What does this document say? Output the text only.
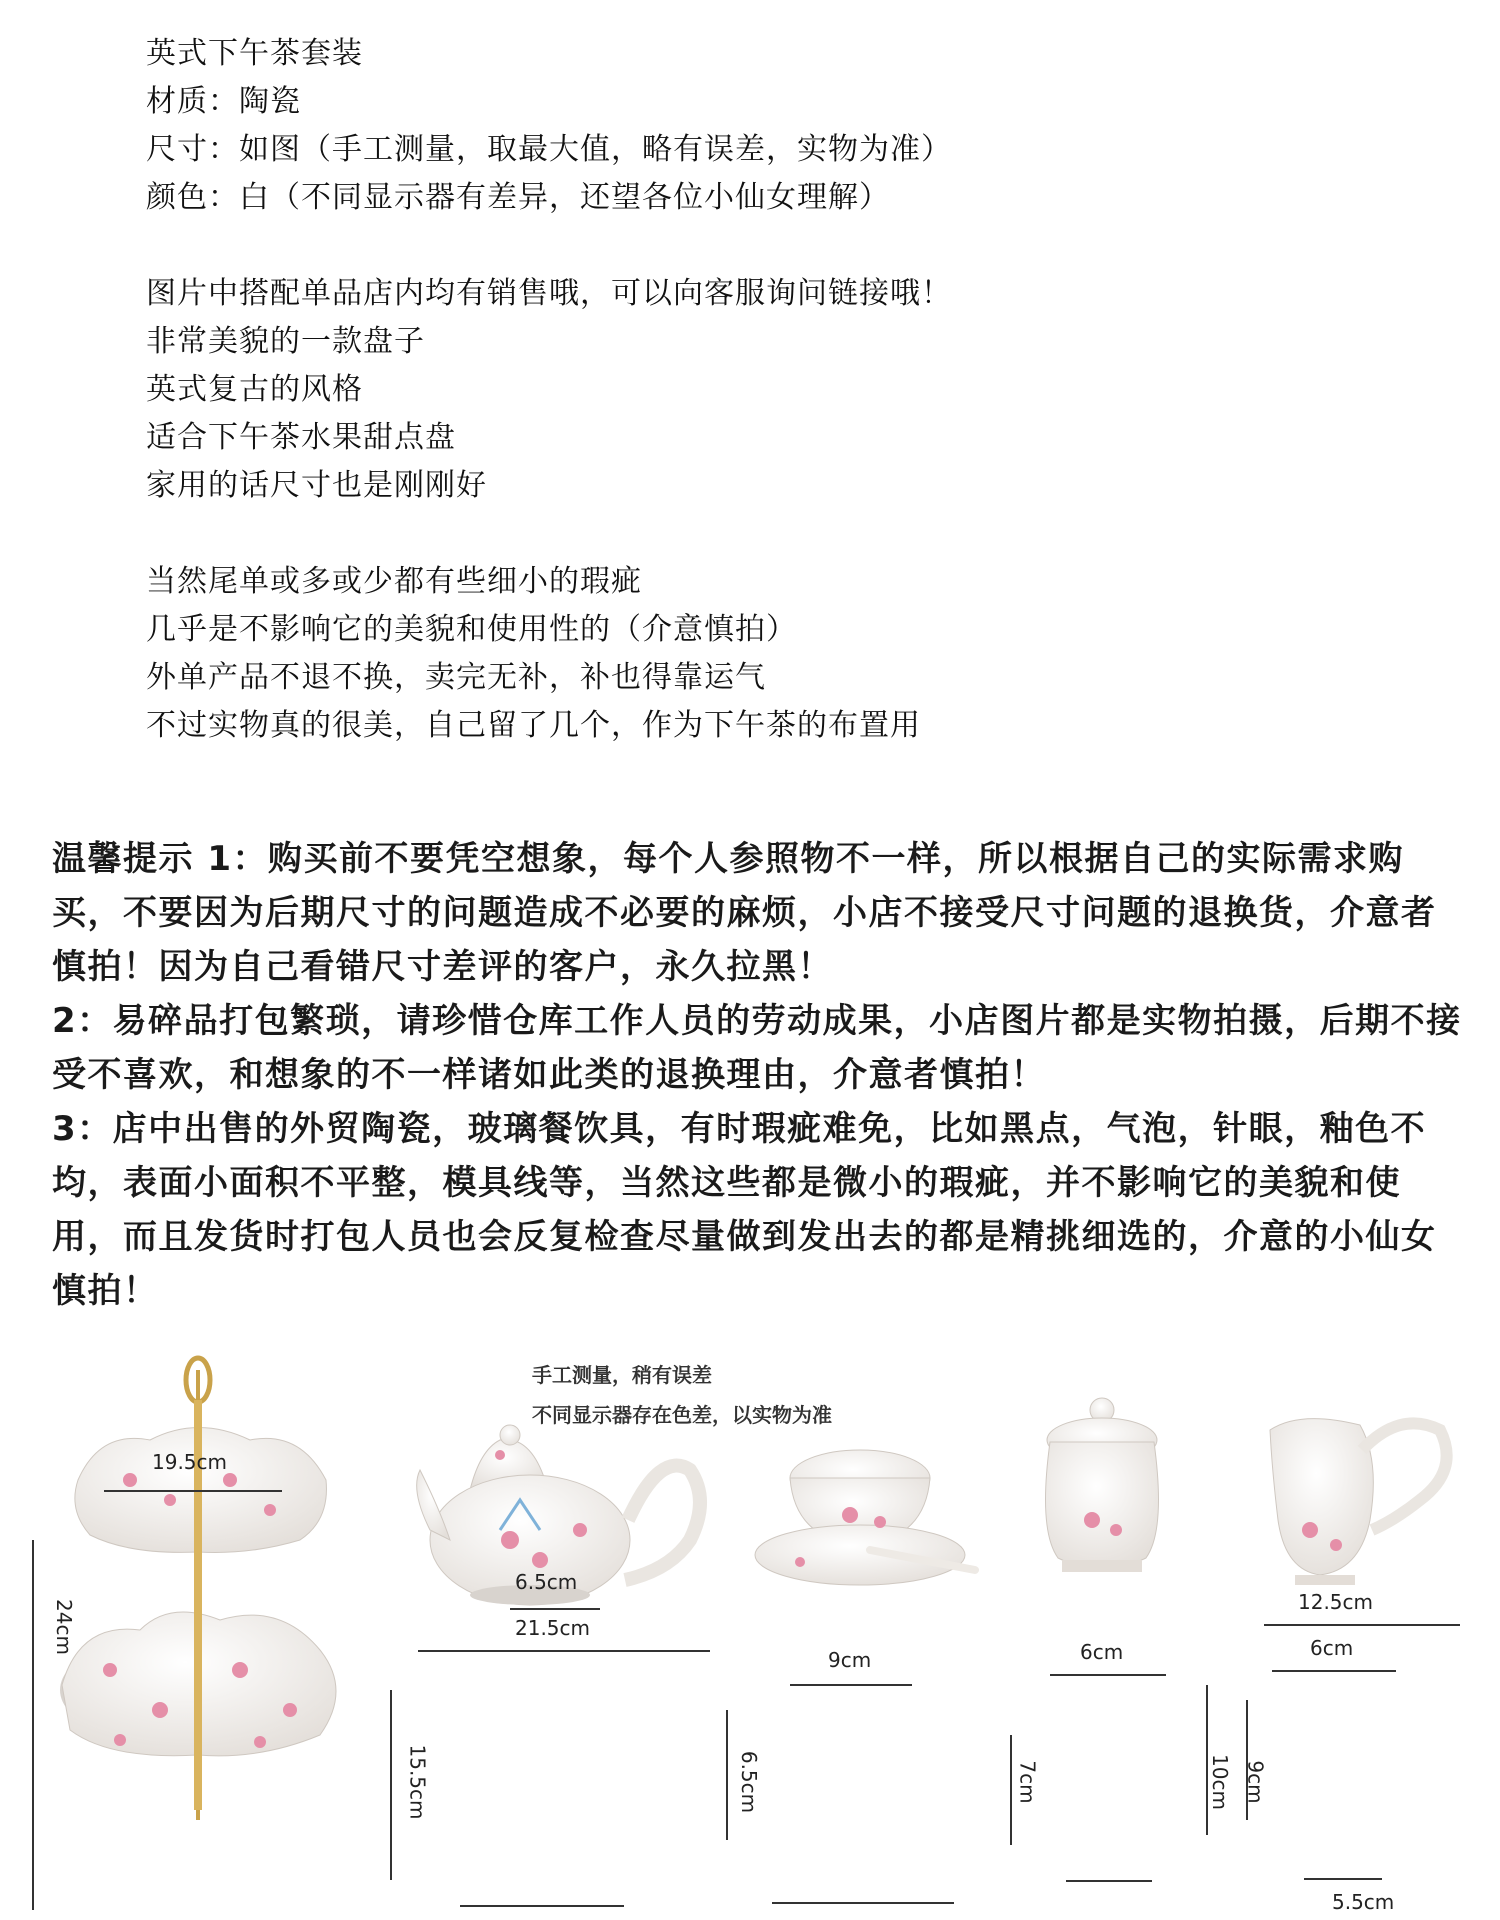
英式下午茶套装
材质：陶瓷
尺寸：如图（手工测量，取最大值，略有误差，实物为准）
颜色：白（不同显示器有差异，还望各位小仙女理解）
图片中搭配单品店内均有销售哦，可以向客服询问链接哦！
非常美貌的一款盘子
英式复古的风格
适合下午茶水果甜点盘
家用的话尺寸也是刚刚好
当然尾单或多或少都有些细小的瑕疵
几乎是不影响它的美貌和使用性的（介意慎拍）
外单产品不退不换，卖完无补，补也得靠运气
不过实物真的很美，自己留了几个，作为下午茶的布置用

温馨提示 1：购买前不要凭空想象，每个人参照物不一样，所以根据自己的实际需求购买，不要因为后期尺寸的问题造成不必要的麻烦，小店不接受尺寸问题的退换货，介意者慎拍！因为自己看错尺寸差评的客户，永久拉黑！

2：易碎品打包繁琐，请珍惜仓库工作人员的劳动成果，小店图片都是实物拍摄，后期不接受不喜欢，和想象的不一样诸如此类的退换理由，介意者慎拍！

3：店中出售的外贸陶瓷，玻璃餐饮具，有时瑕疵难免，比如黑点，气泡，针眼，釉色不均，表面小面积不平整，模具线等，当然这些都是微小的瑕疵，并不影响它的美貌和使用，而且发货时打包人员也会反复检查尽量做到发出去的都是精挑细选的，介意的小仙女慎拍！

手工测量，稍有误差
不同显示器存在色差，以实物为准
19.5cm
24cm
6.5cm
21.5cm
15.5cm
9cm
6.5cm
6cm
7cm	10cm
12.5cm
6cm
9cm
5.5cm
